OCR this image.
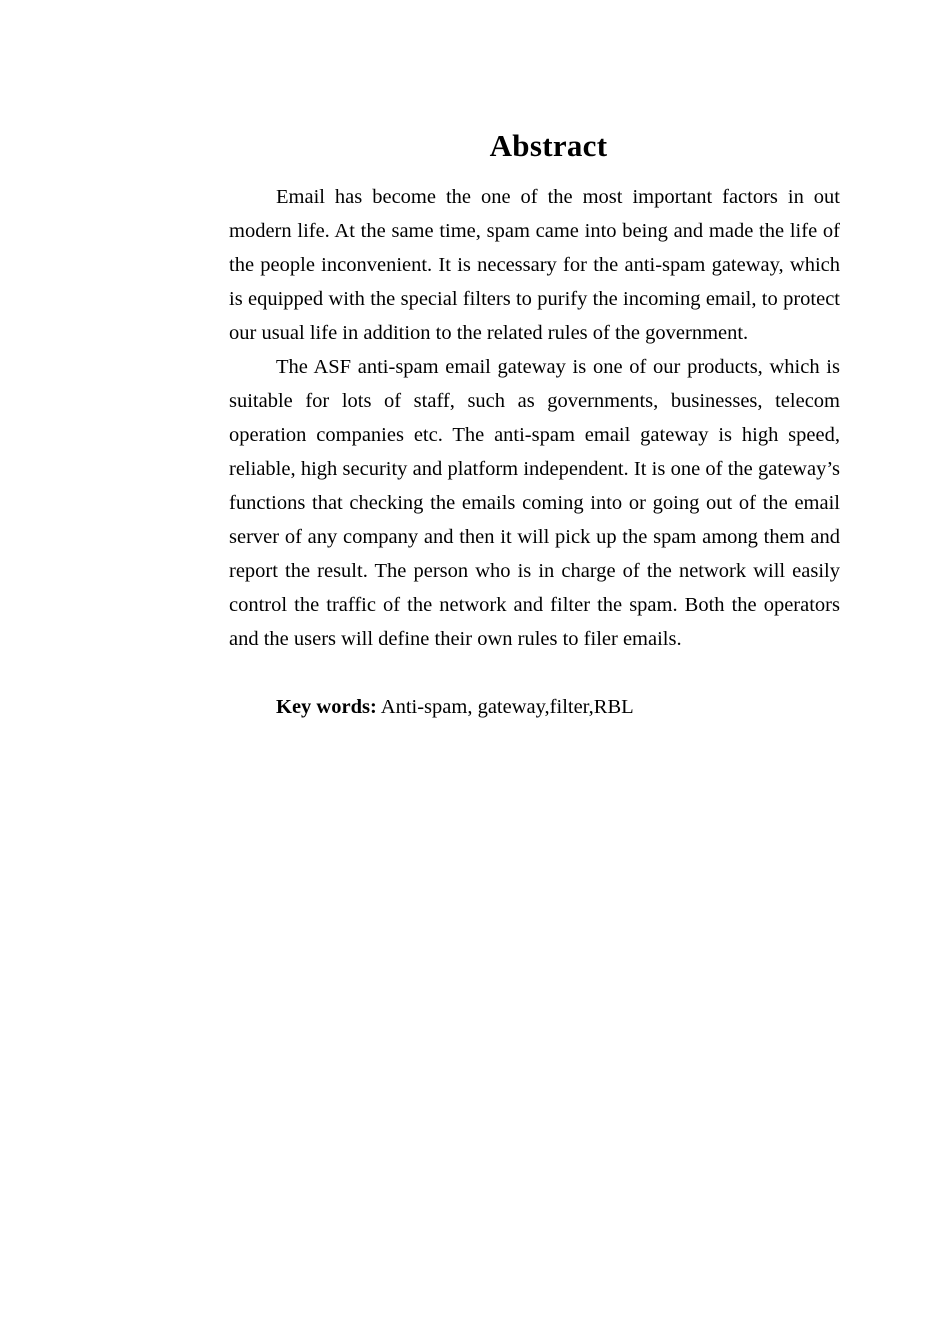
Abstract

Email has become the one of the most important factors in out modern life. At the same time, spam came into being and made the life of the people inconvenient. It is necessary for the anti-spam gateway, which is equipped with the special filters to purify the incoming email, to protect our usual life in addition to the related rules of the government.

The ASF anti-spam email gateway is one of our products, which is suitable for lots of staff, such as governments, businesses, telecom operation companies etc. The anti-spam email gateway is high speed, reliable, high security and platform independent. It is one of the gateway’s functions that checking the emails coming into or going out of the email server of any company and then it will pick up the spam among them and report the result. The person who is in charge of the network will easily control the traffic of the network and filter the spam. Both the operators and the users will define their own rules to filer emails.

Key words: Anti-spam, gateway,filter,RBL
